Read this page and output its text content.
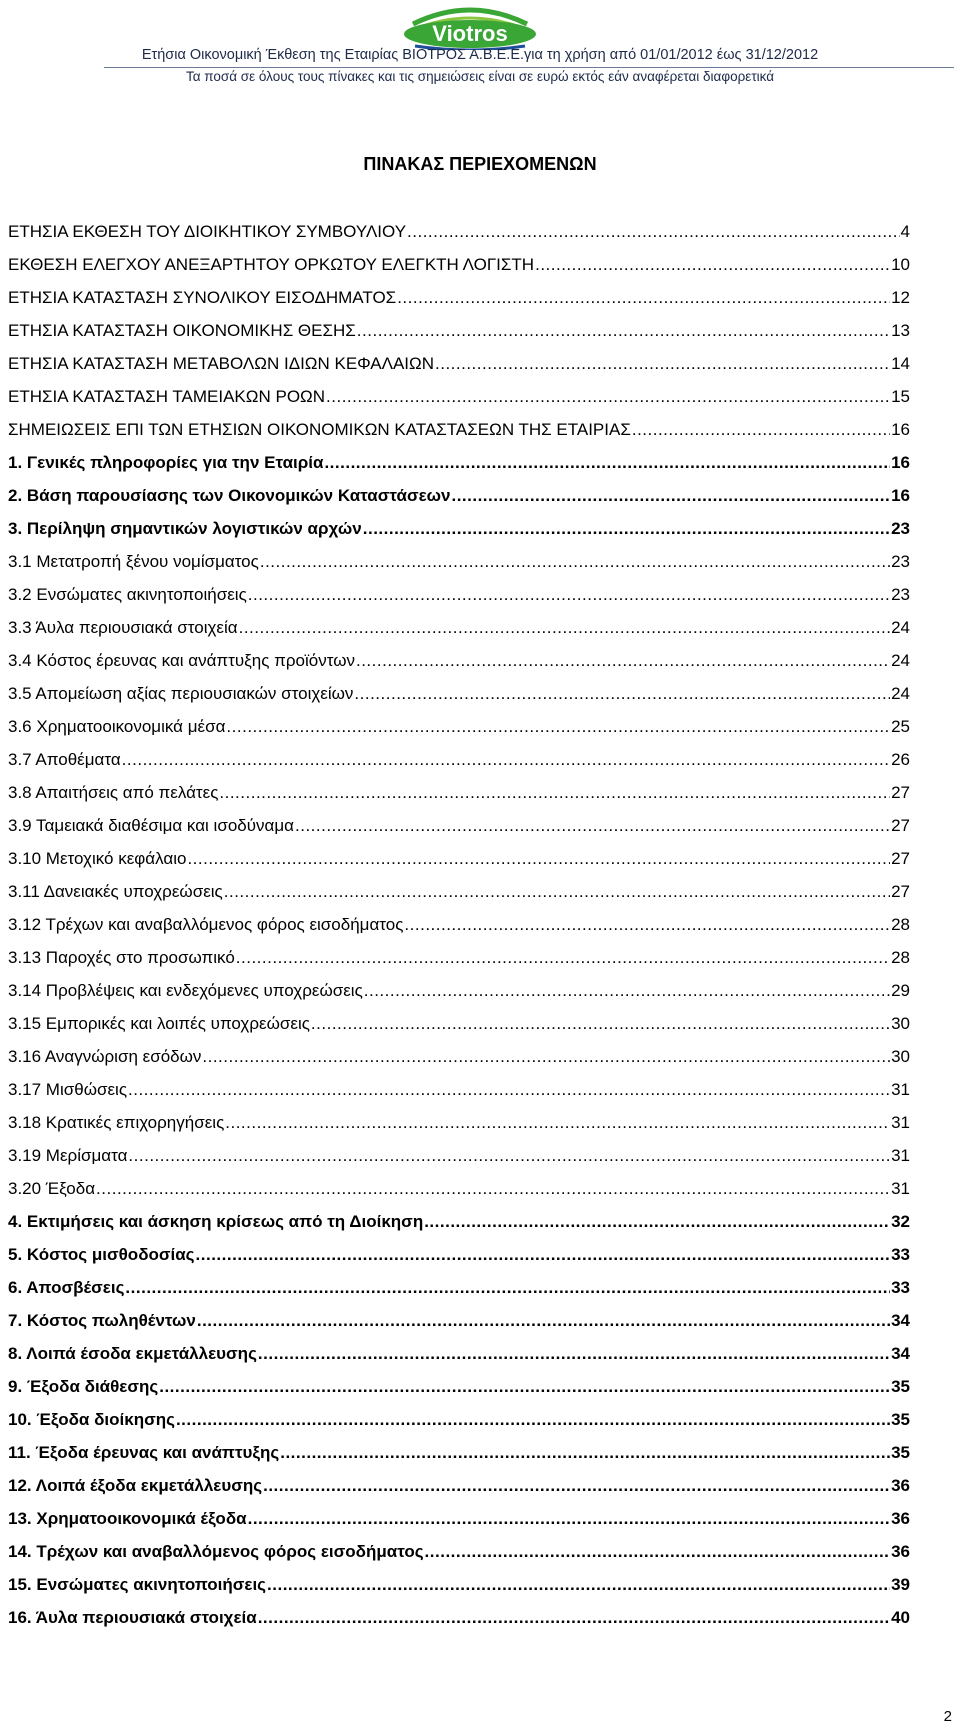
Viotros
Ετήσια Οικονομική Έκθεση της Εταιρίας ΒΙΟΤΡΟΣ Α.Β.Ε.Ε.για τη χρήση από 01/01/2012 έως 31/12/2012
Τα ποσά σε όλους τους πίνακες και τις σημειώσεις είναι σε ευρώ εκτός εάν αναφέρεται διαφορετικά
ΠΙΝΑΚΑΣ ΠΕΡΙΕΧΟΜΕΝΩΝ
ΕΤΗΣΙΑ ΕΚΘΕΣΗ ΤΟΥ ΔΙΟΙΚΗΤΙΚΟΥ ΣΥΜΒΟΥΛΙΟΥ .....	4
ΕΚΘΕΣΗ ΕΛΕΓΧΟΥ ΑΝΕΞΑΡΤΗΤΟΥ ΟΡΚΩΤΟΥ ΕΛΕΓΚΤΗ ΛΟΓΙΣΤΗ .....	10
ΕΤΗΣΙΑ ΚΑΤΑΣΤΑΣΗ ΣΥΝΟΛΙΚΟΥ ΕΙΣΟΔΗΜΑΤΟΣ .....	12
ΕΤΗΣΙΑ ΚΑΤΑΣΤΑΣΗ ΟΙΚΟΝΟΜΙΚΗΣ ΘΕΣΗΣ .....	13
ΕΤΗΣΙΑ ΚΑΤΑΣΤΑΣΗ ΜΕΤΑΒΟΛΩΝ ΙΔΙΩΝ ΚΕΦΑΛΑΙΩΝ .....	14
ΕΤΗΣΙΑ ΚΑΤΑΣΤΑΣΗ ΤΑΜΕΙΑΚΩΝ ΡΟΩΝ .....	15
ΣΗΜΕΙΩΣΕΙΣ ΕΠΙ ΤΩΝ ΕΤΗΣΙΩΝ ΟΙΚΟΝΟΜΙΚΩΝ ΚΑΤΑΣΤΑΣΕΩΝ ΤΗΣ ΕΤΑΙΡΙΑΣ .....	16
1. Γενικές πληροφορίες για την Εταιρία .....	16
2. Βάση παρουσίασης των Οικονομικών Καταστάσεων .....	16
3. Περίληψη σημαντικών λογιστικών αρχών .....	23
3.1 Μετατροπή ξένου νομίσματος .....	23
3.2 Ενσώματες ακινητοποιήσεις .....	23
3.3 Άυλα περιουσιακά στοιχεία .....	24
3.4 Κόστος έρευνας και ανάπτυξης προϊόντων .....	24
3.5 Απομείωση αξίας περιουσιακών στοιχείων .....	24
3.6 Χρηματοοικονομικά μέσα .....	25
3.7 Αποθέματα .....	26
3.8 Απαιτήσεις από πελάτες .....	27
3.9 Ταμειακά διαθέσιμα και ισοδύναμα .....	27
3.10 Μετοχικό κεφάλαιο .....	27
3.11 Δανειακές υποχρεώσεις .....	27
3.12 Τρέχων και αναβαλλόμενος φόρος εισοδήματος .....	28
3.13 Παροχές στο προσωπικό .....	28
3.14 Προβλέψεις και ενδεχόμενες υποχρεώσεις .....	29
3.15 Εμπορικές και λοιπές υποχρεώσεις .....	30
3.16 Αναγνώριση εσόδων .....	30
3.17 Μισθώσεις .....	31
3.18 Κρατικές επιχορηγήσεις .....	31
3.19 Μερίσματα .....	31
3.20 Έξοδα .....	31
4. Εκτιμήσεις και άσκηση κρίσεως από τη Διοίκηση .....	32
5. Κόστος μισθοδοσίας .....	33
6. Αποσβέσεις .....	33
7. Κόστος πωληθέντων .....	34
8. Λοιπά έσοδα εκμετάλλευσης .....	34
9. Έξοδα διάθεσης .....	35
10. Έξοδα διοίκησης .....	35
11. Έξοδα έρευνας και ανάπτυξης .....	35
12. Λοιπά έξοδα εκμετάλλευσης .....	36
13. Χρηματοοικονομικά έξοδα .....	36
14. Τρέχων και αναβαλλόμενος φόρος εισοδήματος .....	36
15. Ενσώματες ακινητοποιήσεις .....	39
16. Άυλα περιουσιακά στοιχεία .....	40
2
